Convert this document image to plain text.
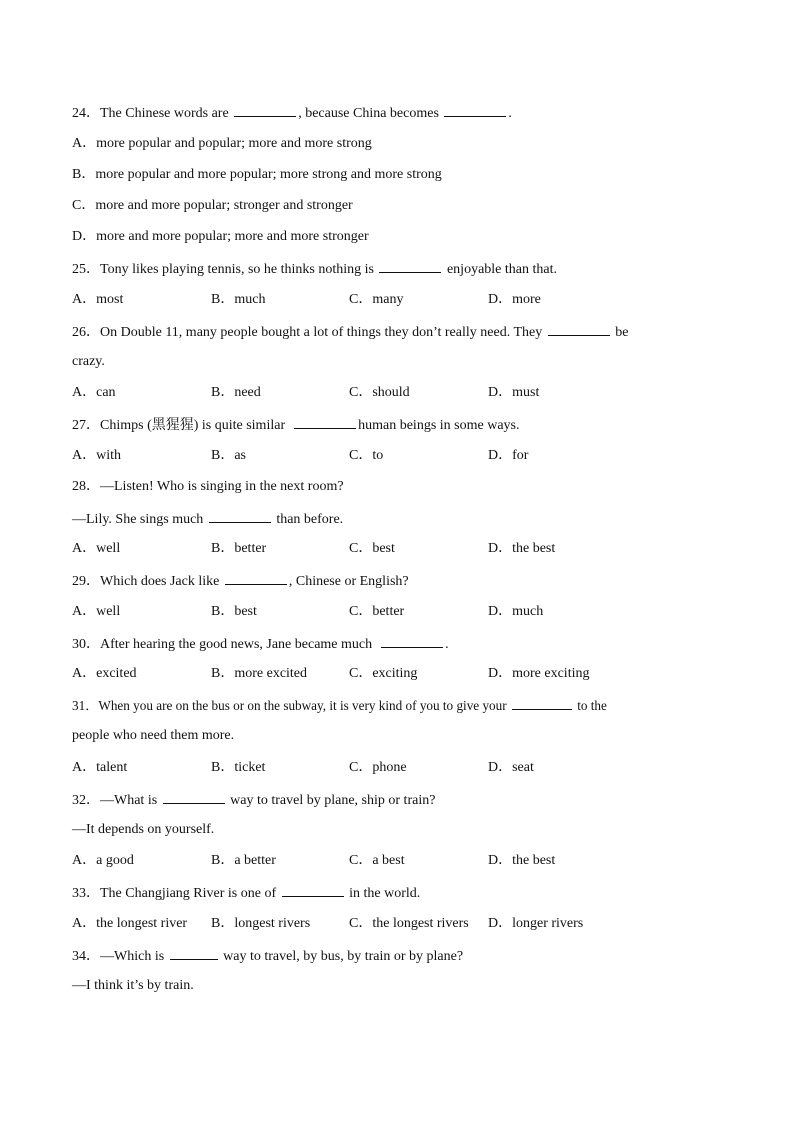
24．The Chinese words are	, because China becomes	.
A．more popular and popular; more and more strong
B．more popular and more popular; more strong and more strong
C．more and more popular; stronger and stronger
D．more and more popular; more and more stronger
25．Tony likes playing tennis, so he thinks nothing is	enjoyable than that.

A．most

	B．much

	C．many

	D．more

26．On Double 11, many people bought a lot of things they don’t really need. They	be
crazy.

A．can

	B．need

	C．should

	D．must

27．Chimps (黑猩猩) is quite similar	human beings in some ways.

A．with

	B．as

	C．to

	D．for

28．—Listen! Who is singing in the next room?
—Lily. She sings much	than before.

A．well

	B．better

	C．best

	D．the best

29．Which does Jack like	, Chinese or English?

A．well

	B．best

	C．better

	D．much

30．After hearing the good news, Jane became much	.

A．excited

	B．more excited

	C．exciting

	D．more exciting

31．When you are on the bus or on the subway, it is very kind of you to give your	to the
people who need them more.

A．talent

	B．ticket

	C．phone

	D．seat

32．—What is	way to travel by plane, ship or train?
—It depends on yourself.

A．a good

	B．a better

	C．a best

	D．the best

33．The Changjiang River is one of	in the world.

A．the longest river

B．longest rivers

	C．the longest rivers

D．longer rivers

34．—Which is	way to travel, by bus, by train or by plane?
—I think it’s by train.
